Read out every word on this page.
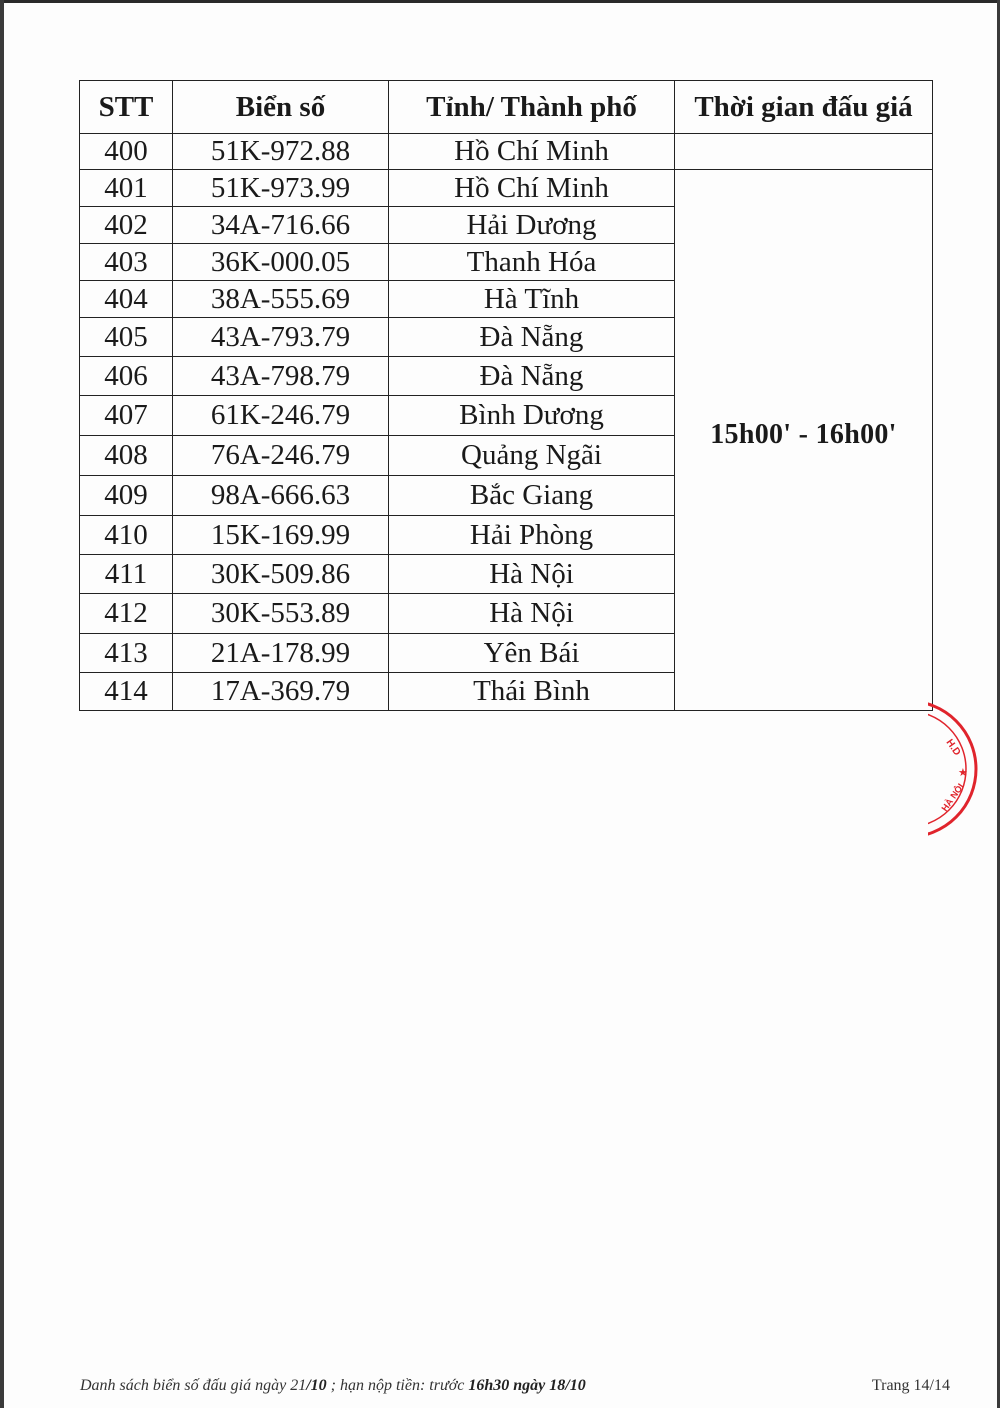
STT	Biển số	Tỉnh/ Thành phố	Thời gian đấu giá
400	51K-972.88	Hồ Chí Minh	
401	51K-973.99	Hồ Chí Minh	15h00' - 16h00'
402	34A-716.66	Hải Dương	
403	36K-000.05	Thanh Hóa	
404	38A-555.69	Hà Tĩnh	
405	43A-793.79	Đà Nẵng	
406	43A-798.79	Đà Nẵng	
407	61K-246.79	Bình Dương	
408	76A-246.79	Quảng Ngãi	
409	98A-666.63	Bắc Giang	
410	15K-169.99	Hải Phòng	
411	30K-509.86	Hà Nội	
412	30K-553.89	Hà Nội	
413	21A-178.99	Yên Bái	
414	17A-369.79	Thái Bình	
Danh sách biển số đấu giá ngày 21/10 ; hạn nộp tiền: trước 16h30 ngày 18/10	Trang 14/14
H.D
★
HÀ NỘI
